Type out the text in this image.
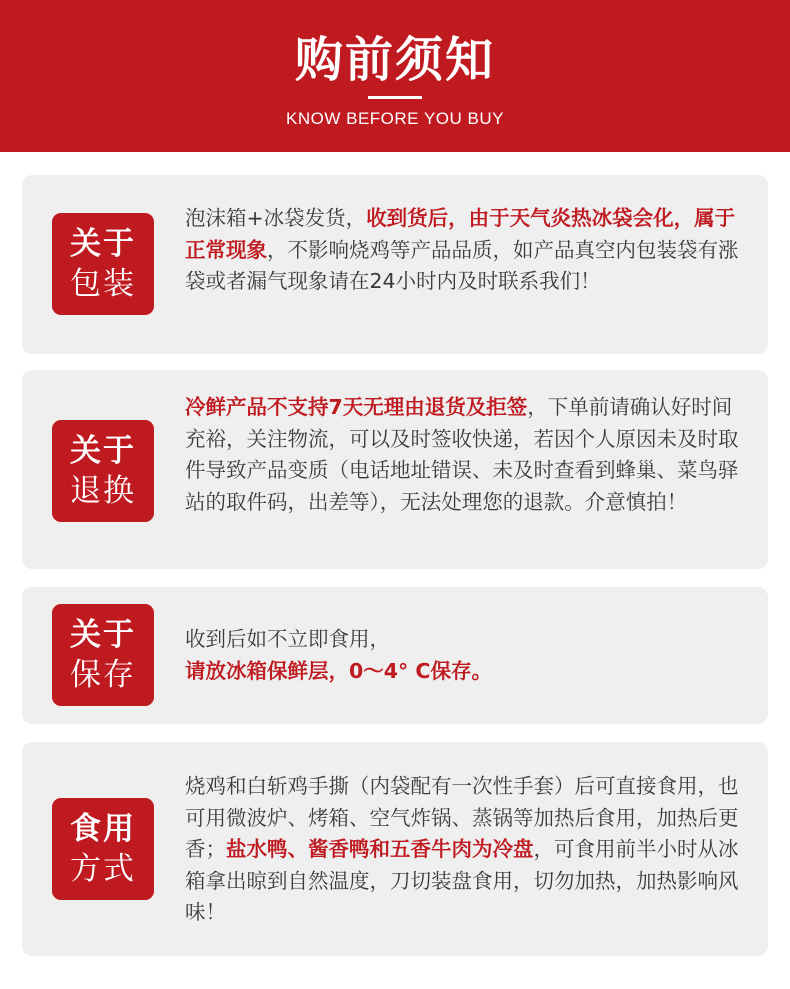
购前须知
KNOW BEFORE YOU BUY
关于
包装
泡沫箱+冰袋发货，收到货后，由于天气炎热冰袋会化，属于正常现象，不影响烧鸡等产品品质，如产品真空内包装袋有涨袋或者漏气现象请在24小时内及时联系我们！
关于
退换
冷鲜产品不支持7天无理由退货及拒签，下单前请确认好时间充裕，关注物流，可以及时签收快递，若因个人原因未及时取件导致产品变质（电话地址错误、未及时查看到蜂巢、菜鸟驿站的取件码，出差等），无法处理您的退款。介意慎拍！
关于
保存
收到后如不立即食用，
请放冰箱保鲜层，0～4° C保存。
食用
方式
烧鸡和白斩鸡手撕（内袋配有一次性手套）后可直接食用，也可用微波炉、烤箱、空气炸锅、蒸锅等加热后食用，加热后更香；盐水鸭、酱香鸭和五香牛肉为冷盘，可食用前半小时从冰箱拿出晾到自然温度，刀切装盘食用，切勿加热，加热影响风味！
